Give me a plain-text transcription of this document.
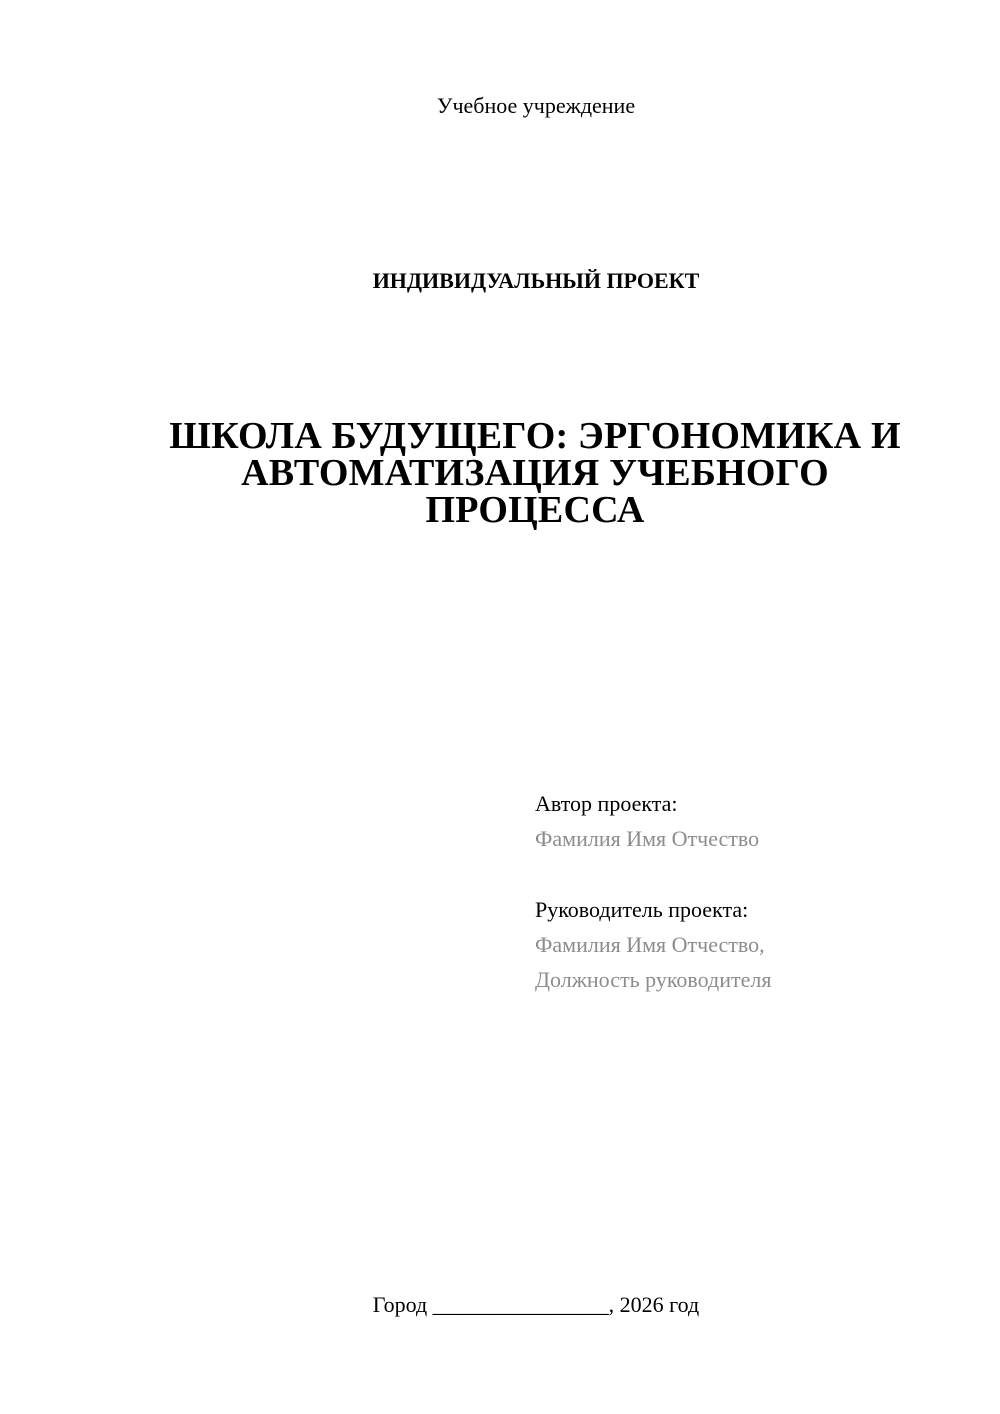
Учебное учреждение
ИНДИВИДУАЛЬНЫЙ ПРОЕКТ
ШКОЛА БУДУЩЕГО: ЭРГОНОМИКА И
АВТОМАТИЗАЦИЯ УЧЕБНОГО
ПРОЦЕССА
Автор проекта:
Фамилия Имя Отчество
Руководитель проекта:
Фамилия Имя Отчество,
Должность руководителя
Город ________________, 2026 год
